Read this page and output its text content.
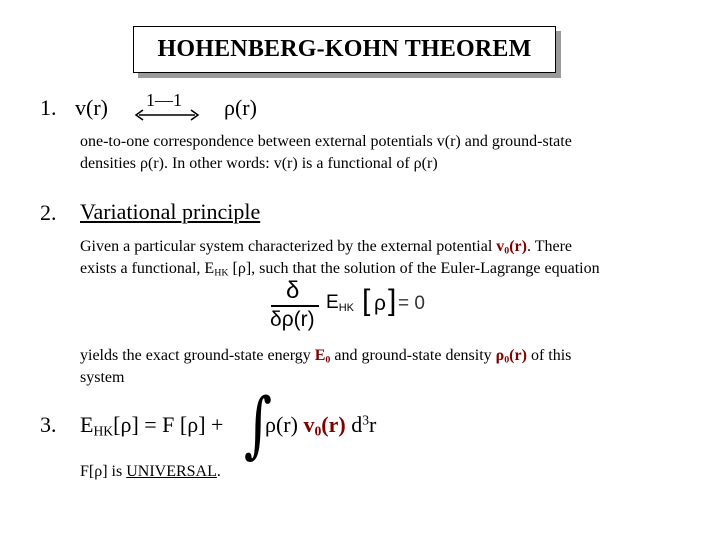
HOHENBERG-KOHN THEOREM
1. v(r) 1—1 ρ(r)
one-to-one correspondence between external potentials v(r) and ground-state
densities ρ(r). In other words: v(r) is a functional of ρ(r)
2. Variational principle
Given a particular system characterized by the external potential $v_0(r)$. There
exists a functional, $E_{HK}$ [ρ], such that the solution of the Euler-Lagrange equation
δ
δρ(r)
$E_{HK}$ [ ρ ] = 0
yields the exact ground-state energy $E_0$ and ground-state density $\rho_0(r)$ of this
system
3. $E_{HK}[\rho] = F$ [ρ] + ∫
ρ(r) $v_0(r)$ $d^3r$
F[ρ] is UNIVERSAL.
